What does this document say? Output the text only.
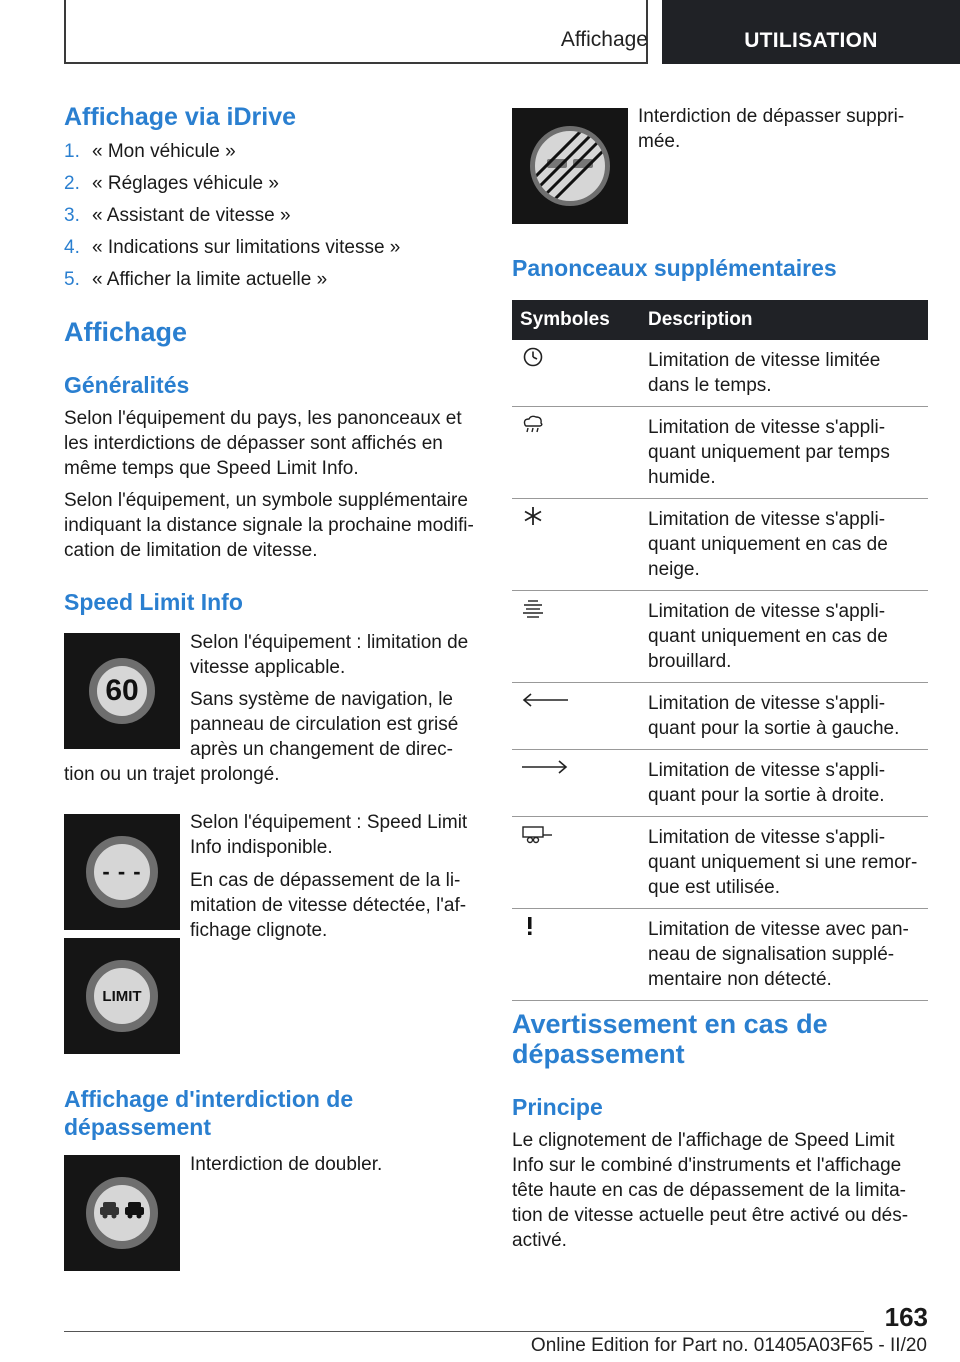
Affichage	UTILISATION
Affichage via iDrive
1. « Mon véhicule »
2. « Réglages véhicule »
3. « Assistant de vitesse »
4. « Indications sur limitations vitesse »
5. « Afficher la limite actuelle »
Affichage
Généralités
Selon l'équipement du pays, les panonceaux et
les interdictions de dépasser sont affichés en
même temps que Speed Limit Info.
Selon l'équipement, un symbole supplémentaire
indiquant la distance signale la prochaine modifi‐
cation de limitation de vitesse.
Speed Limit Info
60
Selon l'équipement : limitation de
vitesse applicable.
Sans système de navigation, le
panneau de circulation est grisé
après un changement de direc‐
tion ou un trajet prolongé.
- - -
Selon l'équipement : Speed Limit
Info indisponible.
En cas de dépassement de la li‐
mitation de vitesse détectée, l'af‐
fichage clignote.
LIMIT
Affichage d'interdiction de
dépassement
Interdiction de doubler.
Interdiction de dépasser suppri‐
mée.
Panonceaux supplémentaires
Symboles	Description

Limitation de vitesse limitée
dans le temps.

Limitation de vitesse s'appli‐
quant uniquement par temps
humide.

Limitation de vitesse s'appli‐
quant uniquement en cas de
neige.

Limitation de vitesse s'appli‐
quant uniquement en cas de
brouillard.

Limitation de vitesse s'appli‐
quant pour la sortie à gauche.

Limitation de vitesse s'appli‐
quant pour la sortie à droite.

Limitation de vitesse s'appli‐
quant uniquement si une remor‐
que est utilisée.

Limitation de vitesse avec pan‐
neau de signalisation supplé‐
mentaire non détecté.
Avertissement en cas de
dépassement
Principe
Le clignotement de l'affichage de Speed Limit
Info sur le combiné d'instruments et l'affichage
tête haute en cas de dépassement de la limita‐
tion de vitesse actuelle peut être activé ou dés‐
activé.
163
Online Edition for Part no. 01405A03F65 - II/20
